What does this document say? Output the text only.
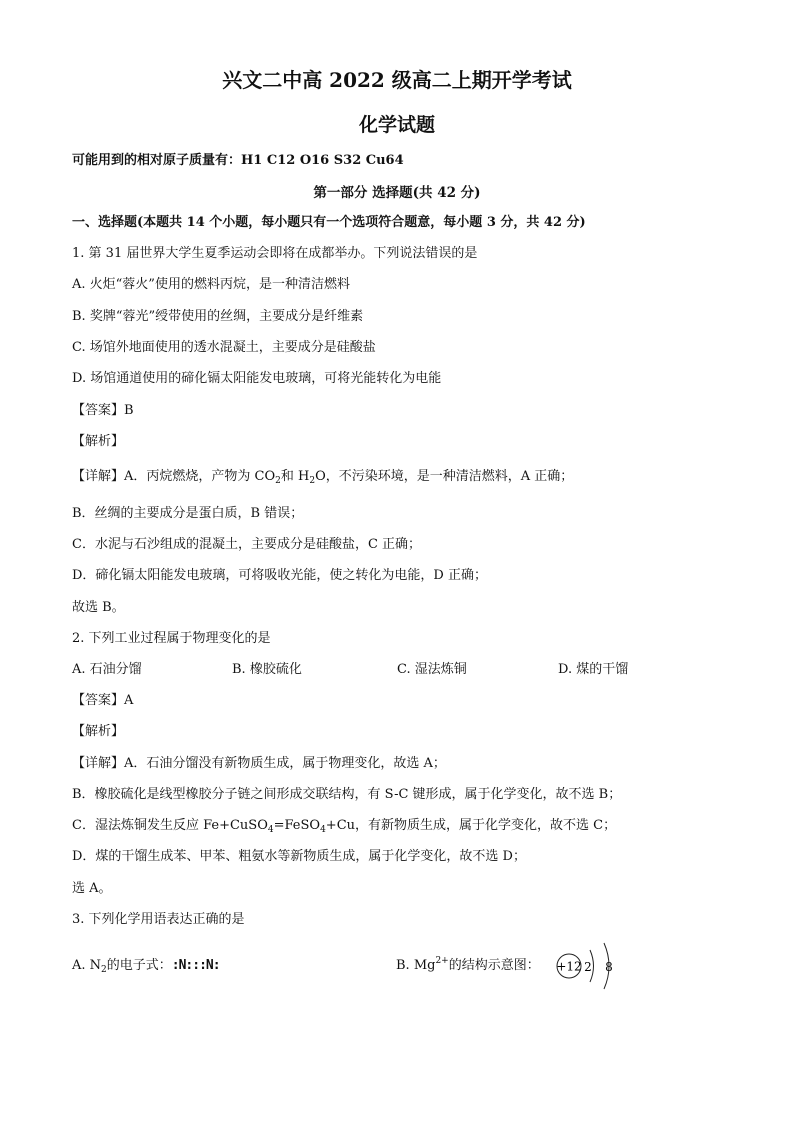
兴文二中高 2022 级高二上期开学考试
化学试题
可能用到的相对原子质量有：H1 C12 O16 S32 Cu64
第一部分 选择题(共 42 分)
一、选择题(本题共 14 个小题，每小题只有一个选项符合题意，每小题 3 分，共 42 分)
1. 第 31 届世界大学生夏季运动会即将在成都举办。下列说法错误的是
A. 火炬“蓉火”使用的燃料丙烷，是一种清洁燃料
B. 奖牌“蓉光”绶带使用的丝绸，主要成分是纤维素
C. 场馆外地面使用的透水混凝土，主要成分是硅酸盐
D. 场馆通道使用的碲化镉太阳能发电玻璃，可将光能转化为电能
【答案】B
【解析】
【详解】A．丙烷燃烧，产物为 $CO_2$和 $H_2O$，不污染环境，是一种清洁燃料，A 正确；
B．丝绸的主要成分是蛋白质，B 错误；
C．水泥与石沙组成的混凝土，主要成分是硅酸盐，C 正确；
D．碲化镉太阳能发电玻璃，可将吸收光能，使之转化为电能，D 正确；
故选 B。
2. 下列工业过程属于物理变化的是
A. 石油分馏	B. 橡胶硫化	C. 湿法炼铜	D. 煤的干馏
【答案】A
【解析】
【详解】A．石油分馏没有新物质生成，属于物理变化，故选 A；
B．橡胶硫化是线型橡胶分子链之间形成交联结构，有 S-C 键形成，属于化学变化，故不选 B；
C．湿法炼铜发生反应 Fe+CuSO$_4$=FeSO$_4$+Cu，有新物质生成，属于化学变化，故不选 C；
D．煤的干馏生成苯、甲苯、粗氨水等新物质生成，属于化学变化，故不选 D；
选 A。
3. 下列化学用语表达正确的是
A. $N_2$的电子式：:N:::N:	B. $Mg^{2+}$的结构示意图： +12 2 8
